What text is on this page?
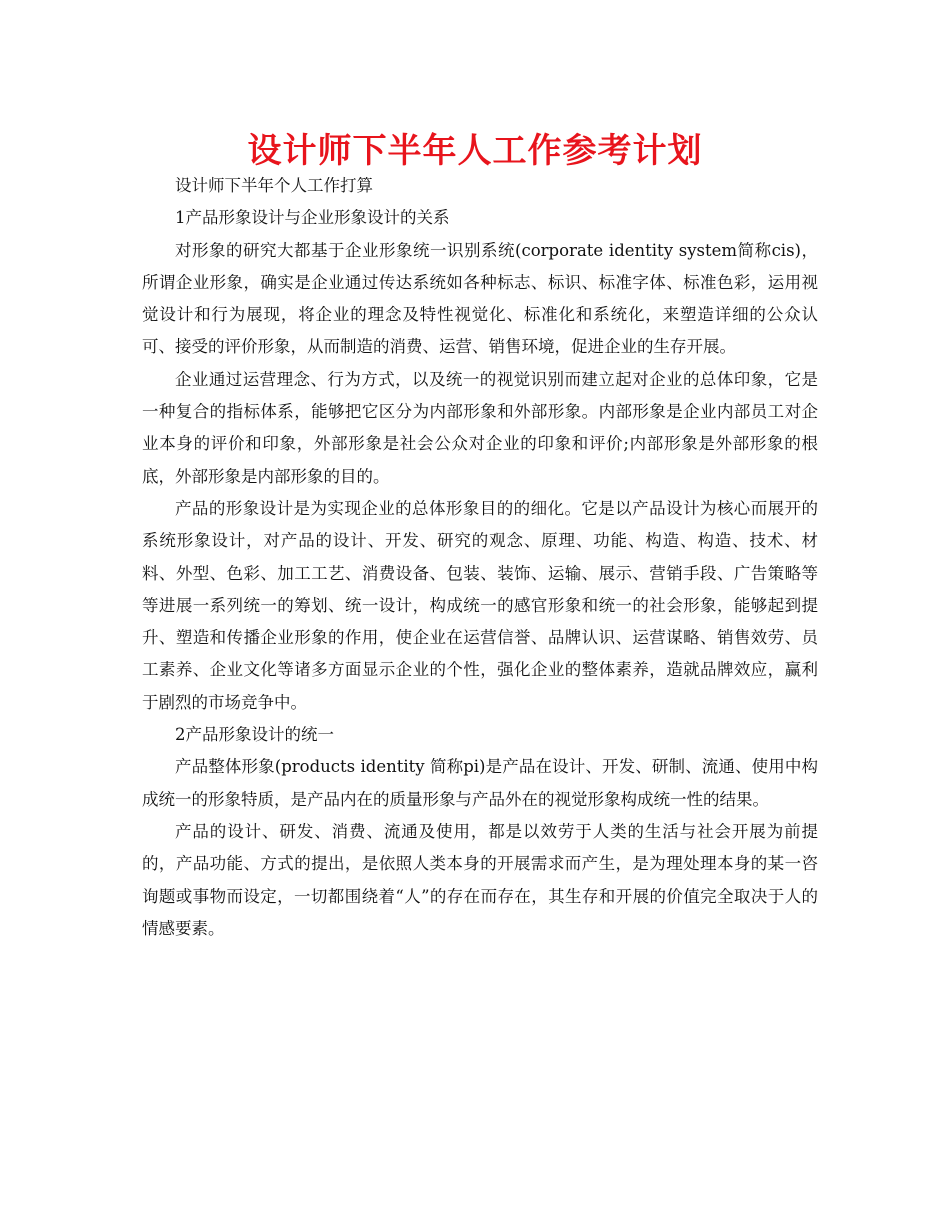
设计师下半年人工作参考计划

设计师下半年个人工作打算

1产品形象设计与企业形象设计的关系

对形象的研究大都基于企业形象统一识别系统(corporate identity system简称cis)，所谓企业形象，确实是企业通过传达系统如各种标志、标识、标准字体、标准色彩，运用视觉设计和行为展现，将企业的理念及特性视觉化、标准化和系统化，来塑造详细的公众认可、接受的评价形象，从而制造的消费、运营、销售环境，促进企业的生存开展。

企业通过运营理念、行为方式，以及统一的视觉识别而建立起对企业的总体印象，它是一种复合的指标体系，能够把它区分为内部形象和外部形象。内部形象是企业内部员工对企业本身的评价和印象，外部形象是社会公众对企业的印象和评价;内部形象是外部形象的根底，外部形象是内部形象的目的。

产品的形象设计是为实现企业的总体形象目的的细化。它是以产品设计为核心而展开的系统形象设计，对产品的设计、开发、研究的观念、原理、功能、构造、构造、技术、材料、外型、色彩、加工工艺、消费设备、包装、装饰、运输、展示、营销手段、广告策略等等进展一系列统一的筹划、统一设计，构成统一的感官形象和统一的社会形象，能够起到提升、塑造和传播企业形象的作用，使企业在运营信誉、品牌认识、运营谋略、销售效劳、员工素养、企业文化等诸多方面显示企业的个性，强化企业的整体素养，造就品牌效应，赢利于剧烈的市场竞争中。

2产品形象设计的统一

产品整体形象(products identity 简称pi)是产品在设计、开发、研制、流通、使用中构成统一的形象特质，是产品内在的质量形象与产品外在的视觉形象构成统一性的结果。

产品的设计、研发、消费、流通及使用，都是以效劳于人类的生活与社会开展为前提的，产品功能、方式的提出，是依照人类本身的开展需求而产生，是为理处理本身的某一咨询题或事物而设定，一切都围绕着“人”的存在而存在，其生存和开展的价值完全取决于人的情感要素。
